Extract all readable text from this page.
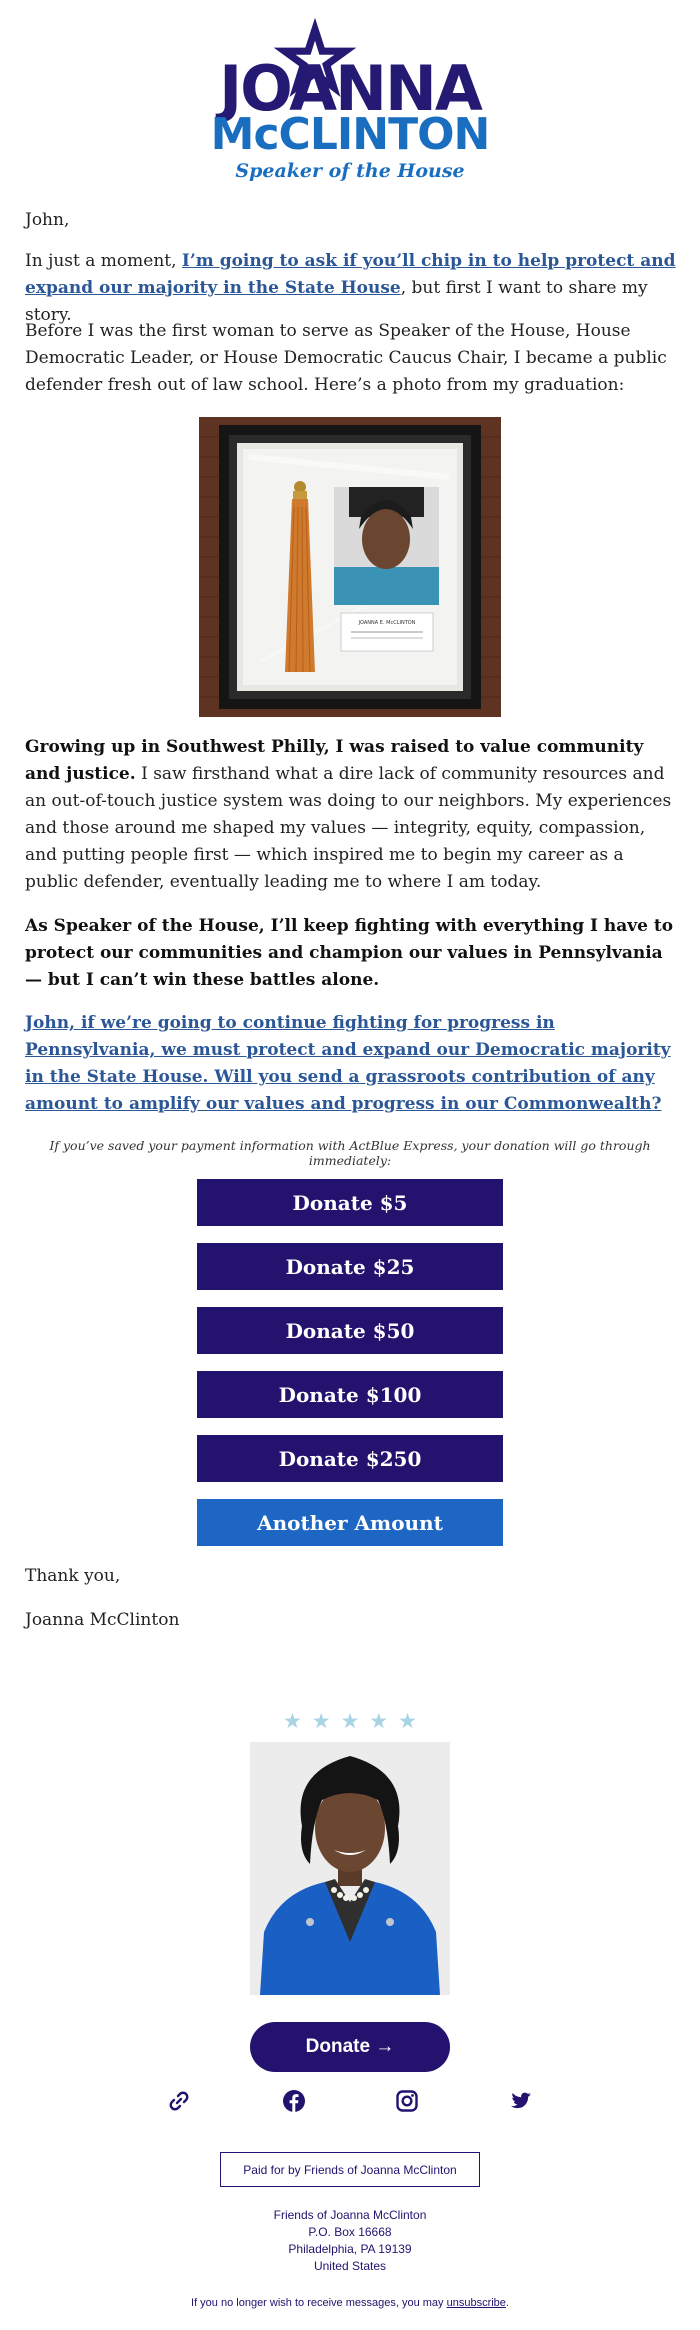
JOANNA
McCLINTON
Speaker of the House

John,

In just a moment, I’m going to ask if you’ll chip in to help protect and expand our majority in the State House, but first I want to share my story.

Before I was the first woman to serve as Speaker of the House, House Democratic Leader, or House Democratic Caucus Chair, I became a public defender fresh out of law school. Here’s a photo from my graduation:

JOANNA E. McCLINTON

Growing up in Southwest Philly, I was raised to value community and justice. I saw firsthand what a dire lack of community resources and an out-of-touch justice system was doing to our neighbors. My experiences and those around me shaped my values — integrity, equity, compassion, and putting people first — which inspired me to begin my career as a public defender, eventually leading me to where I am today.

As Speaker of the House, I’ll keep fighting with everything I have to protect our communities and champion our values in Pennsylvania — but I can’t win these battles alone.

John, if we’re going to continue fighting for progress in Pennsylvania, we must protect and expand our Democratic majority in the State House. Will you send a grassroots contribution of any amount to amplify our values and progress in our Commonwealth?

If you’ve saved your payment information with ActBlue Express, your donation will go through immediately:
Donate $5
Donate $25
Donate $50
Donate $100
Donate $250
Another Amount

Thank you,

Joanna McClinton

★ ★ ★ ★ ★
Donate →
Paid for by Friends of Joanna McClinton
Friends of Joanna McClinton
P.O. Box 16668
Philadelphia, PA 19139
United States
If you no longer wish to receive messages, you may unsubscribe.
